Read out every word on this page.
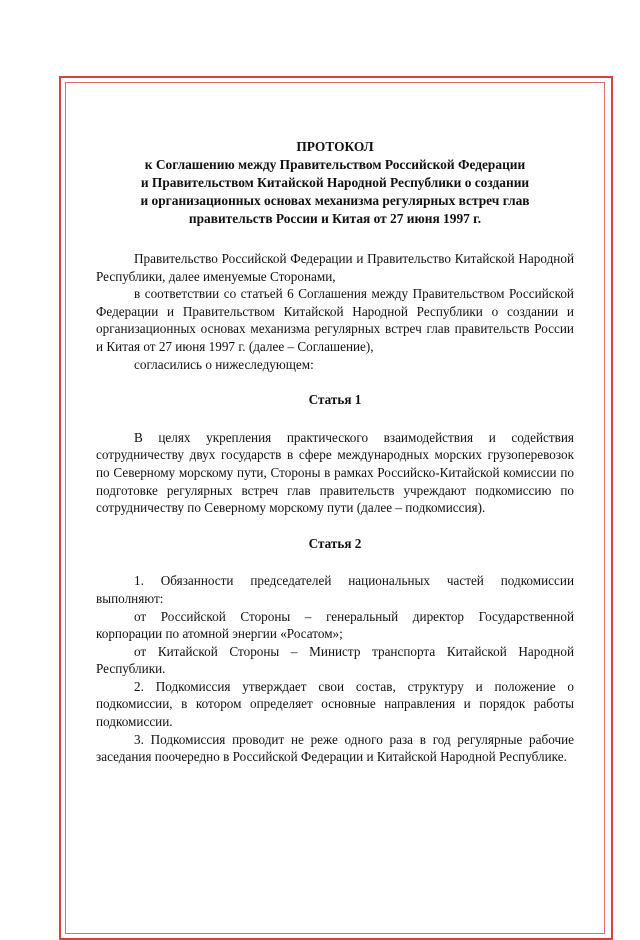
ПРОТОКОЛ
к Соглашению между Правительством Российской Федерации
и Правительством Китайской Народной Республики о создании
и организационных основах механизма регулярных встреч глав
правительств России и Китая от 27 июня 1997 г.

Правительство Российской Федерации и Правительство Китайской Народной Республики, далее именуемые Сторонами,

в соответствии со статьей 6 Соглашения между Правительством Российской Федерации и Правительством Китайской Народной Республики о создании и организационных основах механизма регулярных встреч глав правительств России и Китая от 27 июня 1997 г. (далее – Соглашение),

согласились о нижеследующем:

Статья 1

В целях укрепления практического взаимодействия и содействия сотрудничеству двух государств в сфере международных морских грузоперевозок по Северному морскому пути, Стороны в рамках Российско-Китайской комиссии по подготовке регулярных встреч глав правительств учреждают подкомиссию по сотрудничеству по Северному морскому пути (далее – подкомиссия).

Статья 2

1. Обязанности председателей национальных частей подкомиссии выполняют:

от Российской Стороны – генеральный директор Государственной корпорации по атомной энергии «Росатом»;

от Китайской Стороны – Министр транспорта Китайской Народной Республики.

2. Подкомиссия утверждает свои состав, структуру и положение о подкомиссии, в котором определяет основные направления и порядок работы подкомиссии.

3. Подкомиссия проводит не реже одного раза в год регулярные рабочие заседания поочередно в Российской Федерации и Китайской Народной Республике.
